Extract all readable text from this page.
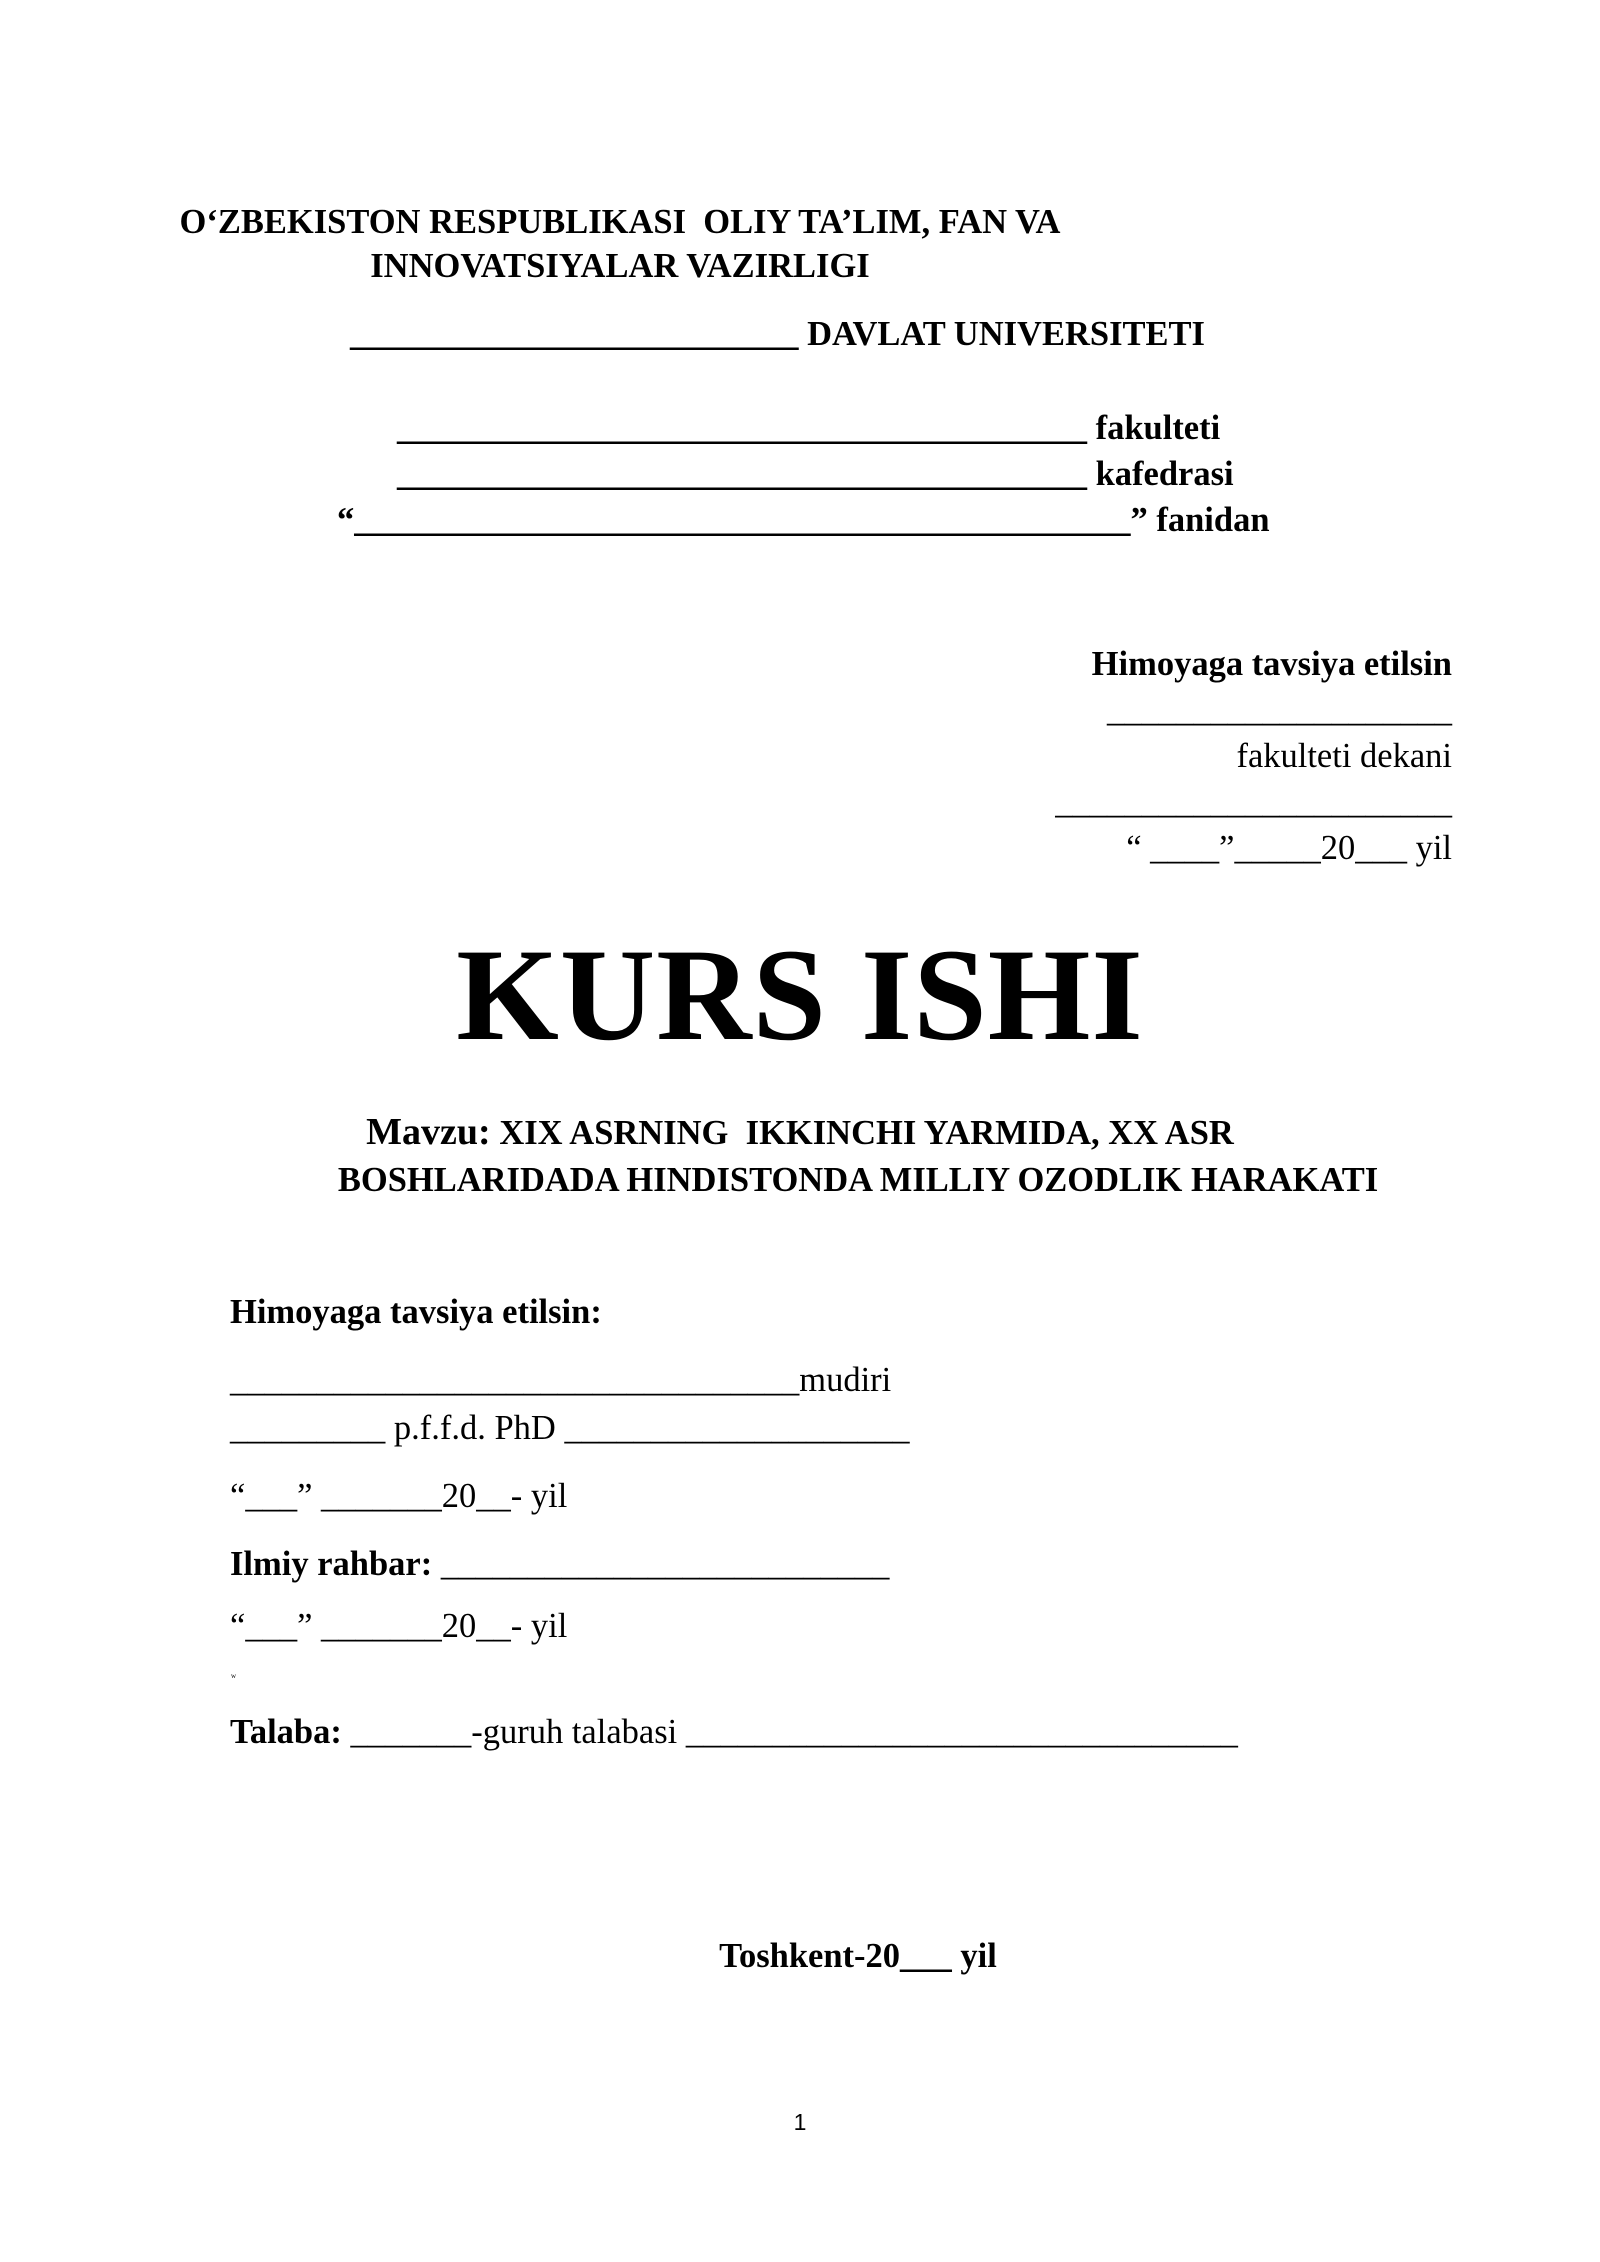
O‘ZBEKISTON RESPUBLIKASI  OLIY TA’LIM, FAN VA

INNOVATSIYALAR VAZIRLIGI

__________________________ DAVLAT UNIVERSITETI

________________________________________ fakulteti

________________________________________ kafedrasi

“_____________________________________________” fanidan

Himoyaga tavsiya etilsin

____________________

fakulteti dekani

_______________________

“ ____”_____20___ yil

KURS ISHI

Mavzu: XIX ASRNING  IKKINCHI YARMIDA, XX ASR

BOSHLARIDADA HINDISTONDA MILLIY OZODLIK HARAKATI

Himoyaga tavsiya etilsin:

_________________________________mudiri

_________ p.f.f.d. PhD ____________________

“___” _______20__- yil

Ilmiy rahbar: __________________________

“___” _______20__- yil

w

Talaba: _______-guruh talabasi ________________________________

Toshkent-20___ yil

1
